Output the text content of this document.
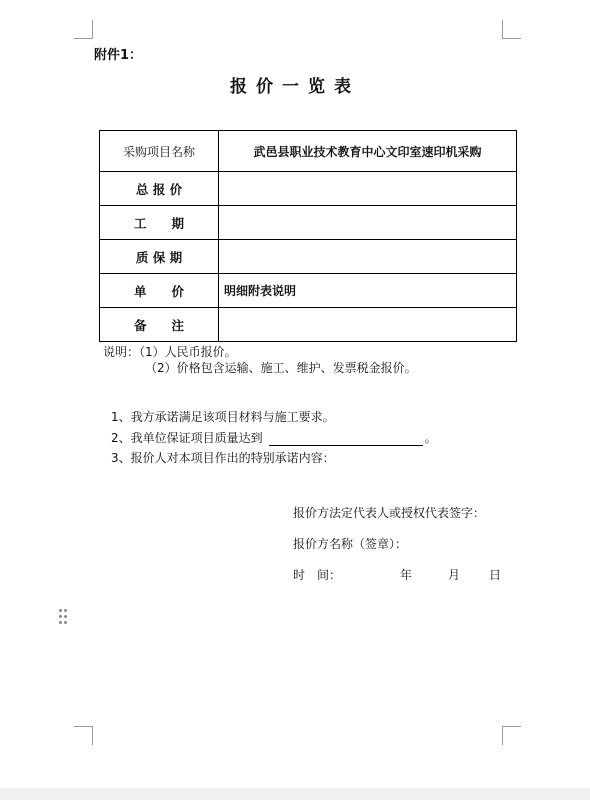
附件1：
报价一览表
采购项目名称	武邑县职业技术教育中心文印室速印机采购
总 报 价	
工　　期	
质 保 期	
单　　价	明细附表说明
备　　注	
说明：（1）人民币报价。
（2）价格包含运输、施工、维护、发票税金报价。
1、我方承诺满足该项目材料与施工要求。
2、我单位保证项目质量达到	。
3、报价人对本项目作出的特别承诺内容：
报价方法定代表人或授权代表签字：
报价方名称（签章）：
时　间：	年	月 日
